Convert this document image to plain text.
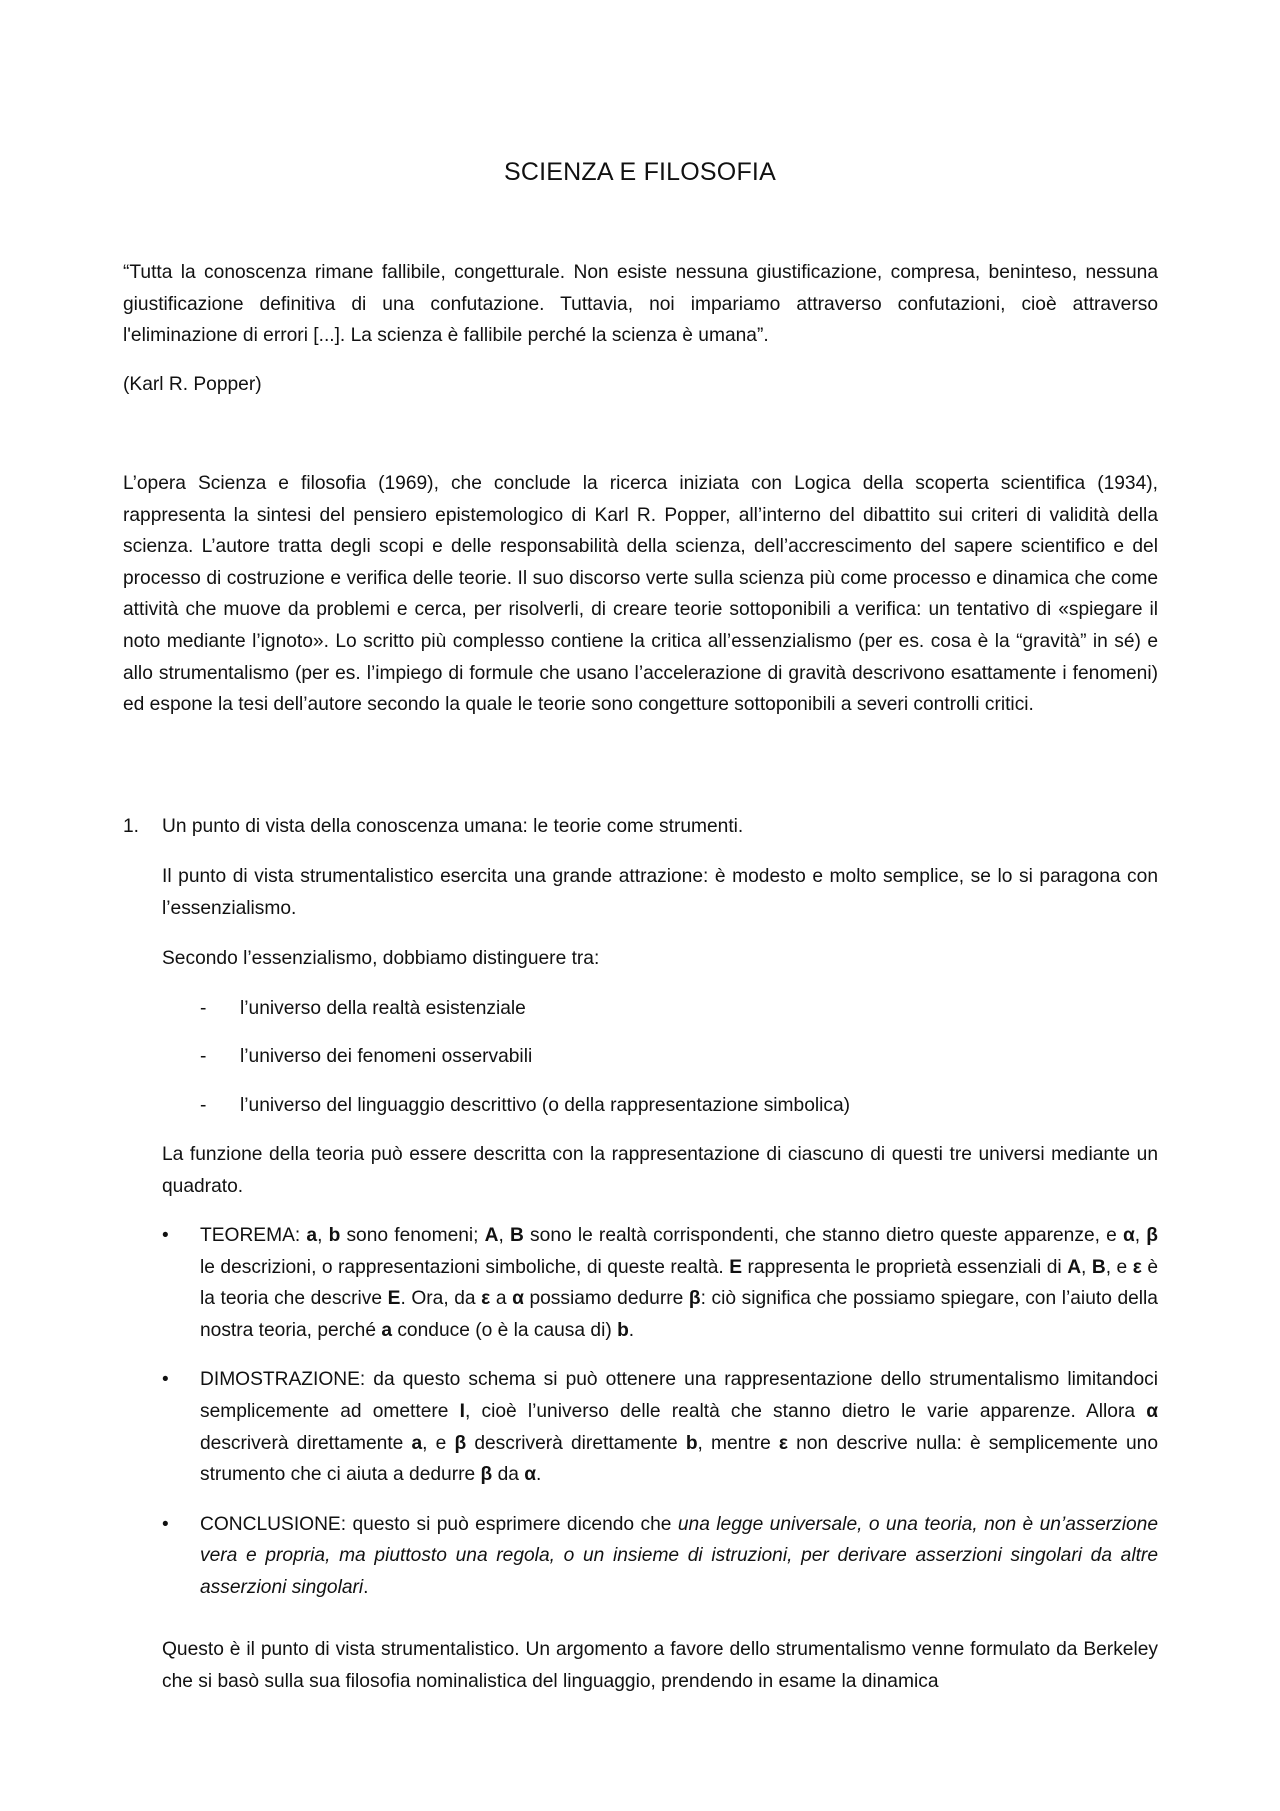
SCIENZA E FILOSOFIA

“Tutta la conoscenza rimane fallibile, congetturale. Non esiste nessuna giustificazione, compresa, beninteso, nessuna giustificazione definitiva di una confutazione. Tuttavia, noi impariamo attraverso confutazioni, cioè attraverso l'eliminazione di errori [...]. La scienza è fallibile perché la scienza è umana”.

(Karl R. Popper)

L’opera Scienza e filosofia (1969), che conclude la ricerca iniziata con Logica della scoperta scientifica (1934), rappresenta la sintesi del pensiero epistemologico di Karl R. Popper, all’interno del dibattito sui criteri di validità della scienza. L’autore tratta degli scopi e delle responsabilità della scienza, dell’accrescimento del sapere scientifico e del processo di costruzione e verifica delle teorie. Il suo discorso verte sulla scienza più come processo e dinamica che come attività che muove da problemi e cerca, per risolverli, di creare teorie sottoponibili a verifica: un tentativo di «spiegare il noto mediante l’ignoto». Lo scritto più complesso contiene la critica all’essenzialismo (per es. cosa è la “gravità” in sé) e allo strumentalismo (per es. l’impiego di formule che usano l’accelerazione di gravità descrivono esattamente i fenomeni) ed espone la tesi dell’autore secondo la quale le teorie sono congetture sottoponibili a severi controlli critici.

1. Un punto di vista della conoscenza umana: le teorie come strumenti.

Il punto di vista strumentalistico esercita una grande attrazione: è modesto e molto semplice, se lo si paragona con l’essenzialismo.

Secondo l’essenzialismo, dobbiamo distinguere tra:

- l’universo della realtà esistenziale
- l’universo dei fenomeni osservabili
- l’universo del linguaggio descrittivo (o della rappresentazione simbolica)

La funzione della teoria può essere descritta con la rappresentazione di ciascuno di questi tre universi mediante un quadrato.

• TEOREMA: a, b sono fenomeni; A, B sono le realtà corrispondenti, che stanno dietro queste apparenze, e α, β le descrizioni, o rappresentazioni simboliche, di queste realtà. E rappresenta le proprietà essenziali di A, B, e ε è la teoria che descrive E. Ora, da ε a α possiamo dedurre β: ciò significa che possiamo spiegare, con l’aiuto della nostra teoria, perché a conduce (o è la causa di) b.

• DIMOSTRAZIONE: da questo schema si può ottenere una rappresentazione dello strumentalismo limitandoci semplicemente ad omettere I, cioè l’universo delle realtà che stanno dietro le varie apparenze. Allora α descriverà direttamente a, e β descriverà direttamente b, mentre ε non descrive nulla: è semplicemente uno strumento che ci aiuta a dedurre β da α.

• CONCLUSIONE: questo si può esprimere dicendo che una legge universale, o una teoria, non è un’asserzione vera e propria, ma piuttosto una regola, o un insieme di istruzioni, per derivare asserzioni singolari da altre asserzioni singolari.

Questo è il punto di vista strumentalistico. Un argomento a favore dello strumentalismo venne formulato da Berkeley che si basò sulla sua filosofia nominalistica del linguaggio, prendendo in esame la dinamica
